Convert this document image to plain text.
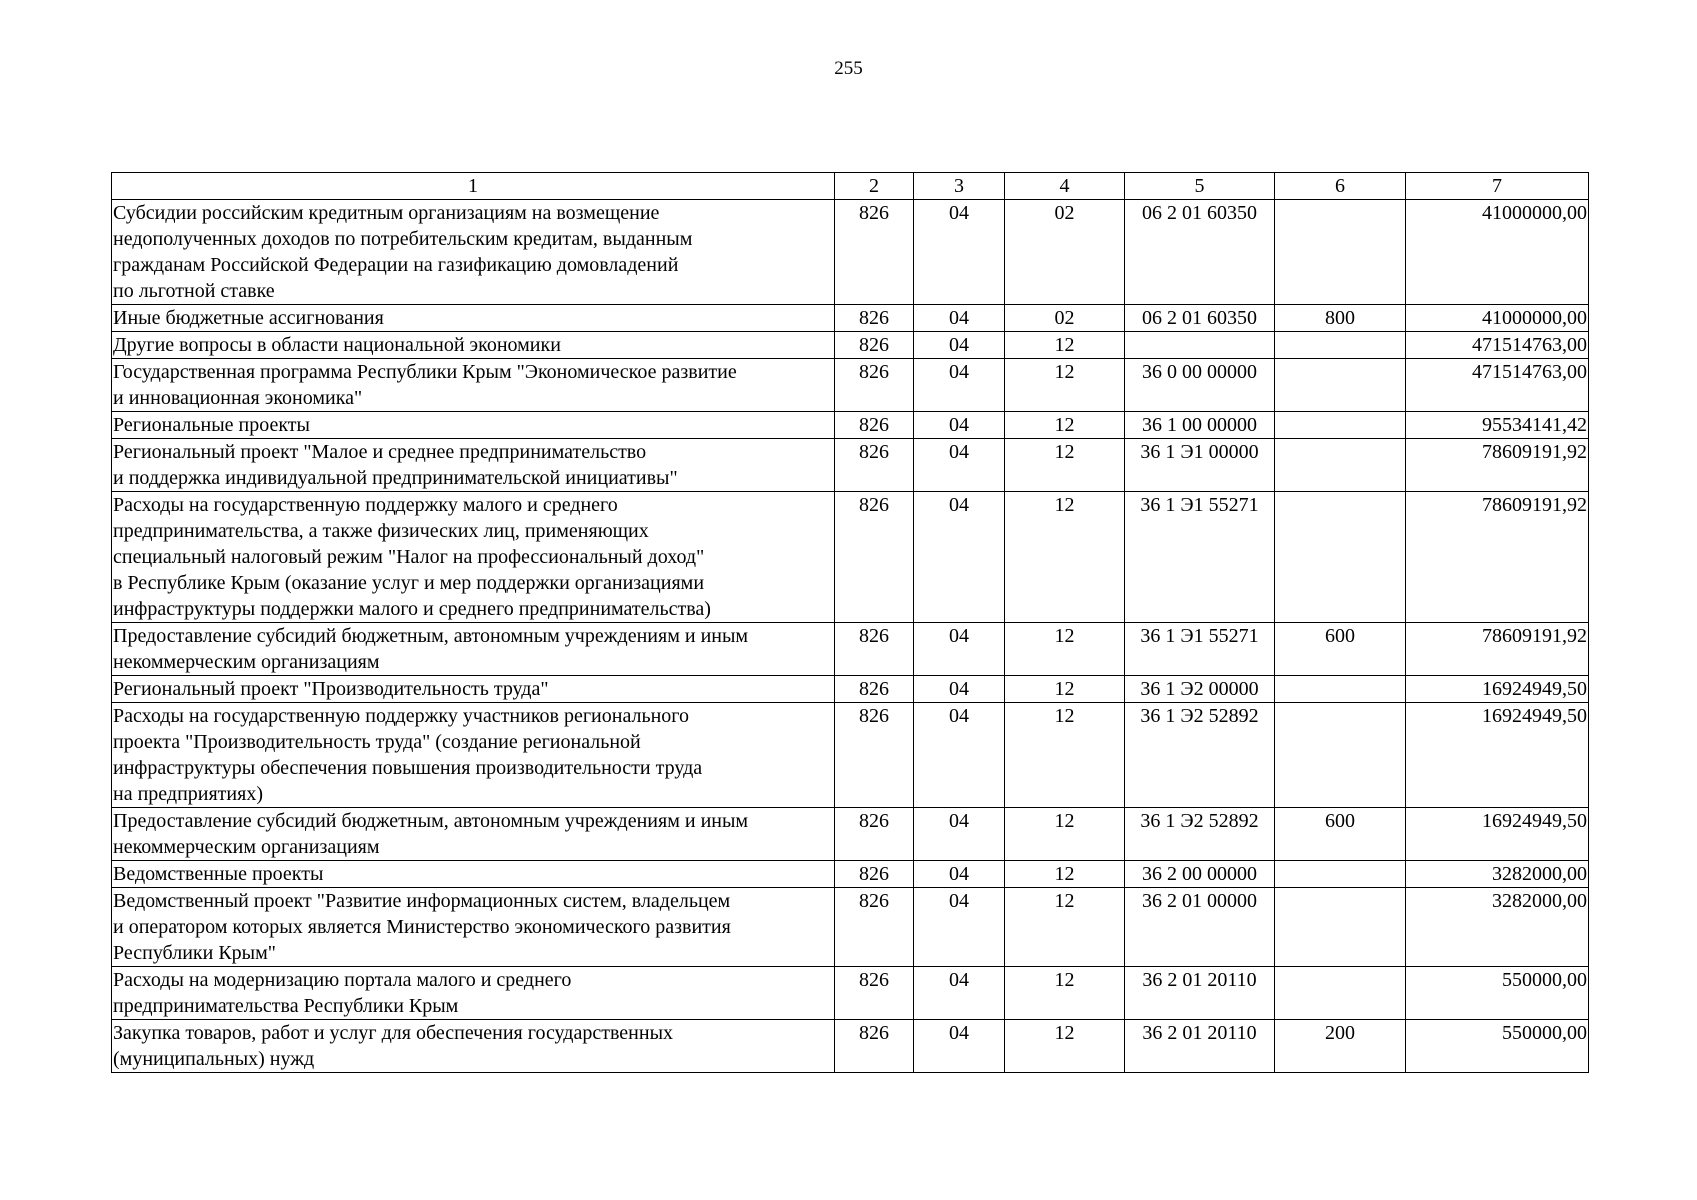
255
1	2	3	4	5	6	7
Субсидии российским кредитным организациям на возмещение
недополученных доходов по потребительским кредитам, выданным
гражданам Российской Федерации на газификацию домовладений
по льготной ставке	826	04	02	06 2 01 60350		41000000,00
Иные бюджетные ассигнования	826	04	02	06 2 01 60350	800	41000000,00
Другие вопросы в области национальной экономики	826	04	12			471514763,00
Государственная программа Республики Крым "Экономическое развитие
и инновационная экономика"	826	04	12	36 0 00 00000		471514763,00
Региональные проекты	826	04	12	36 1 00 00000		95534141,42
Региональный проект "Малое и среднее предпринимательство
и поддержка индивидуальной предпринимательской инициативы"	826	04	12	36 1 Э1 00000		78609191,92
Расходы на государственную поддержку малого и среднего
предпринимательства, а также физических лиц, применяющих
специальный налоговый режим "Налог на профессиональный доход"
в Республике Крым (оказание услуг и мер поддержки организациями
инфраструктуры поддержки малого и среднего предпринимательства)	826	04	12	36 1 Э1 55271		78609191,92
Предоставление субсидий бюджетным, автономным учреждениям и иным
некоммерческим организациям	826	04	12	36 1 Э1 55271	600	78609191,92
Региональный проект "Производительность труда"	826	04	12	36 1 Э2 00000		16924949,50
Расходы на государственную поддержку участников регионального
проекта "Производительность труда" (создание региональной
инфраструктуры обеспечения повышения производительности труда
на предприятиях)	826	04	12	36 1 Э2 52892		16924949,50
Предоставление субсидий бюджетным, автономным учреждениям и иным
некоммерческим организациям	826	04	12	36 1 Э2 52892	600	16924949,50
Ведомственные проекты	826	04	12	36 2 00 00000		3282000,00
Ведомственный проект "Развитие информационных систем, владельцем
и оператором которых является Министерство экономического развития
Республики Крым"	826	04	12	36 2 01 00000		3282000,00
Расходы на модернизацию портала малого и среднего
предпринимательства Республики Крым	826	04	12	36 2 01 20110		550000,00
Закупка товаров, работ и услуг для обеспечения государственных
(муниципальных) нужд	826	04	12	36 2 01 20110	200	550000,00
